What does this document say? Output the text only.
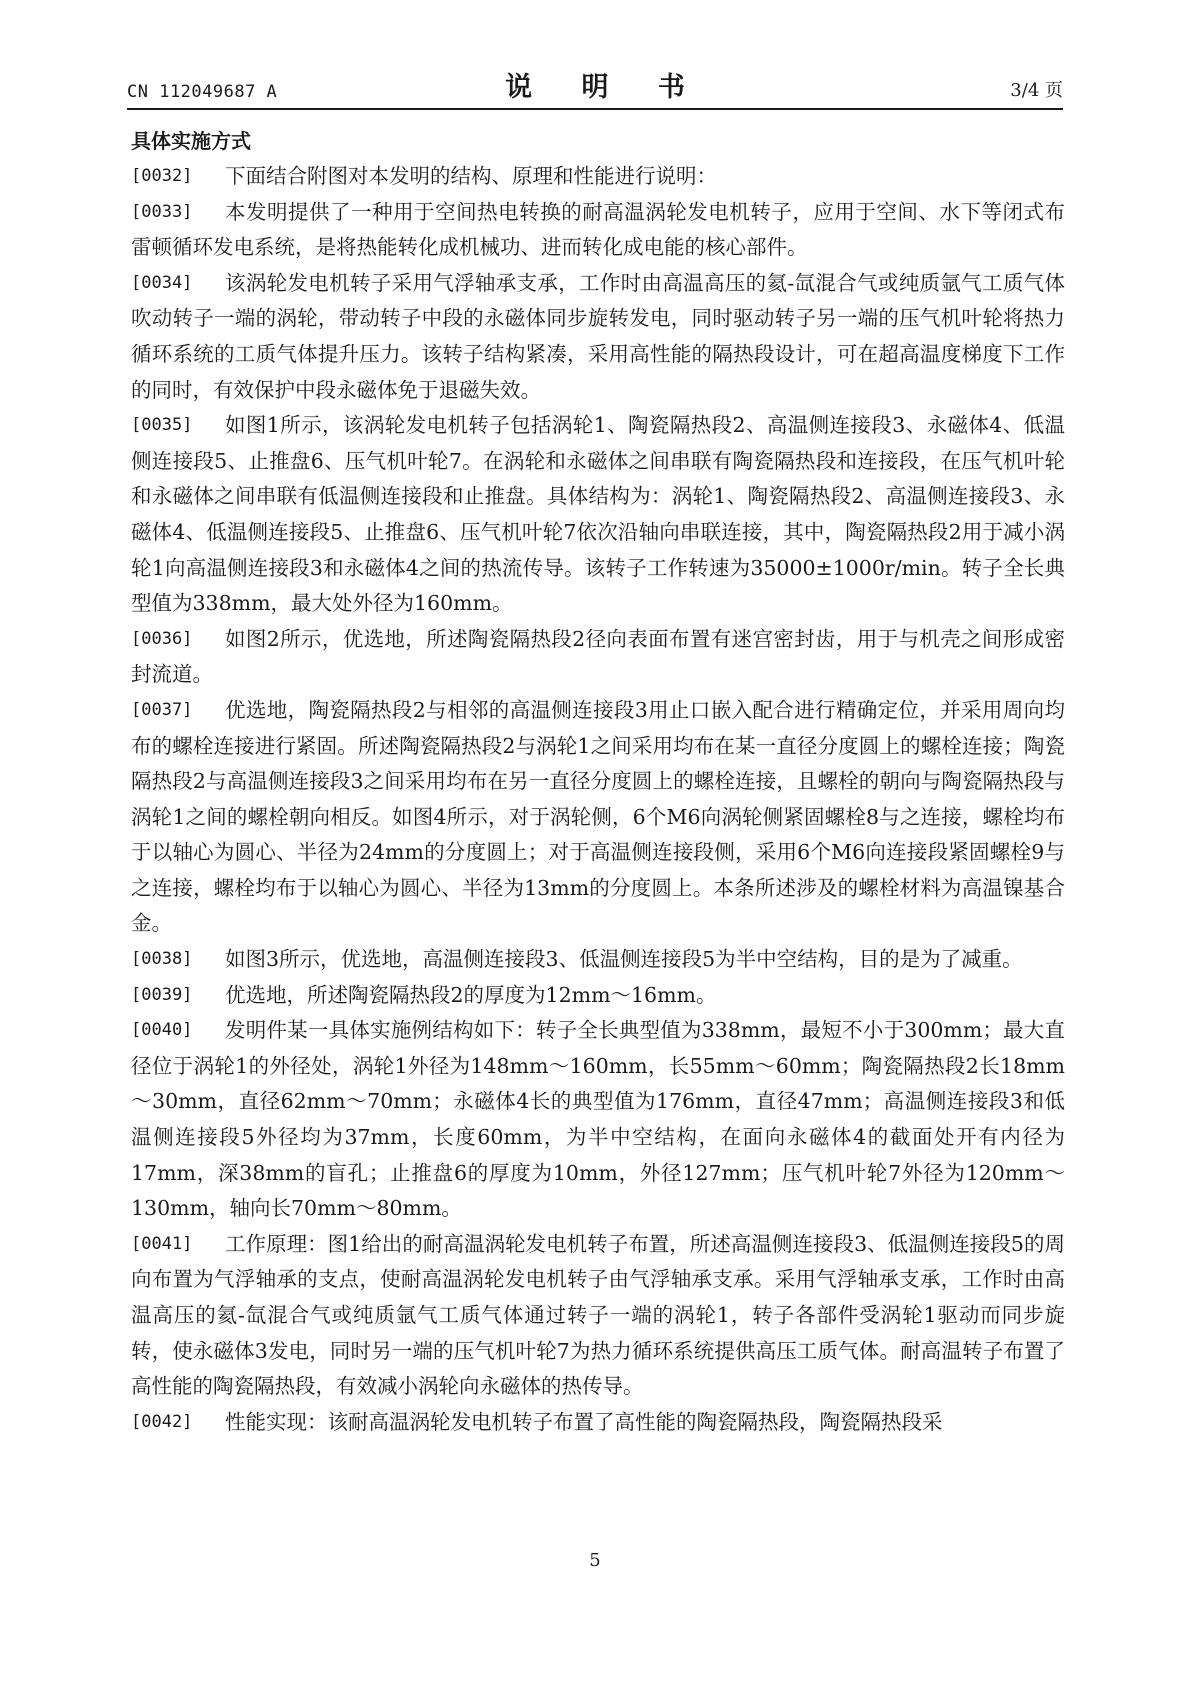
CN 112049687 A	说 明 书	3/4 页
具体实施方式

[0032] 下面结合附图对本发明的结构、原理和性能进行说明：

[0033] 本发明提供了一种用于空间热电转换的耐高温涡轮发电机转子，应用于空间、水下等闭式布雷顿循环发电系统，是将热能转化成机械功、进而转化成电能的核心部件。

[0034] 该涡轮发电机转子采用气浮轴承支承，工作时由高温高压的氦-氙混合气或纯质氩气工质气体吹动转子一端的涡轮，带动转子中段的永磁体同步旋转发电，同时驱动转子另一端的压气机叶轮将热力循环系统的工质气体提升压力。该转子结构紧凑，采用高性能的隔热段设计，可在超高温度梯度下工作的同时，有效保护中段永磁体免于退磁失效。

[0035] 如图1所示，该涡轮发电机转子包括涡轮1、陶瓷隔热段2、高温侧连接段3、永磁体4、低温侧连接段5、止推盘6、压气机叶轮7。在涡轮和永磁体之间串联有陶瓷隔热段和连接段，在压气机叶轮和永磁体之间串联有低温侧连接段和止推盘。具体结构为：涡轮1、陶瓷隔热段2、高温侧连接段3、永磁体4、低温侧连接段5、止推盘6、压气机叶轮7依次沿轴向串联连接，其中，陶瓷隔热段2用于减小涡轮1向高温侧连接段3和永磁体4之间的热流传导。该转子工作转速为35000±1000r/min。转子全长典型值为338mm，最大处外径为160mm。

[0036] 如图2所示，优选地，所述陶瓷隔热段2径向表面布置有迷宫密封齿，用于与机壳之间形成密封流道。

[0037] 优选地，陶瓷隔热段2与相邻的高温侧连接段3用止口嵌入配合进行精确定位，并采用周向均布的螺栓连接进行紧固。所述陶瓷隔热段2与涡轮1之间采用均布在某一直径分度圆上的螺栓连接；陶瓷隔热段2与高温侧连接段3之间采用均布在另一直径分度圆上的螺栓连接，且螺栓的朝向与陶瓷隔热段与涡轮1之间的螺栓朝向相反。如图4所示，对于涡轮侧，6个M6向涡轮侧紧固螺栓8与之连接，螺栓均布于以轴心为圆心、半径为24mm的分度圆上；对于高温侧连接段侧，采用6个M6向连接段紧固螺栓9与之连接，螺栓均布于以轴心为圆心、半径为13mm的分度圆上。本条所述涉及的螺栓材料为高温镍基合金。

[0038] 如图3所示，优选地，高温侧连接段3、低温侧连接段5为半中空结构，目的是为了减重。

[0039] 优选地，所述陶瓷隔热段2的厚度为12mm～16mm。

[0040] 发明件某一具体实施例结构如下：转子全长典型值为338mm，最短不小于300mm；最大直径位于涡轮1的外径处，涡轮1外径为148mm～160mm，长55mm～60mm；陶瓷隔热段2长18mm～30mm，直径62mm～70mm；永磁体4长的典型值为176mm，直径47mm；高温侧连接段3和低温侧连接段5外径均为37mm，长度60mm，为半中空结构，在面向永磁体4的截面处开有内径为17mm，深38mm的盲孔；止推盘6的厚度为10mm，外径127mm；压气机叶轮7外径为120mm～130mm，轴向长70mm～80mm。

[0041] 工作原理：图1给出的耐高温涡轮发电机转子布置，所述高温侧连接段3、低温侧连接段5的周向布置为气浮轴承的支点，使耐高温涡轮发电机转子由气浮轴承支承。采用气浮轴承支承，工作时由高温高压的氦-氙混合气或纯质氩气工质气体通过转子一端的涡轮1，转子各部件受涡轮1驱动而同步旋转，使永磁体3发电，同时另一端的压气机叶轮7为热力循环系统提供高压工质气体。耐高温转子布置了高性能的陶瓷隔热段，有效减小涡轮向永磁体的热传导。

[0042] 性能实现：该耐高温涡轮发电机转子布置了高性能的陶瓷隔热段，陶瓷隔热段采

5
